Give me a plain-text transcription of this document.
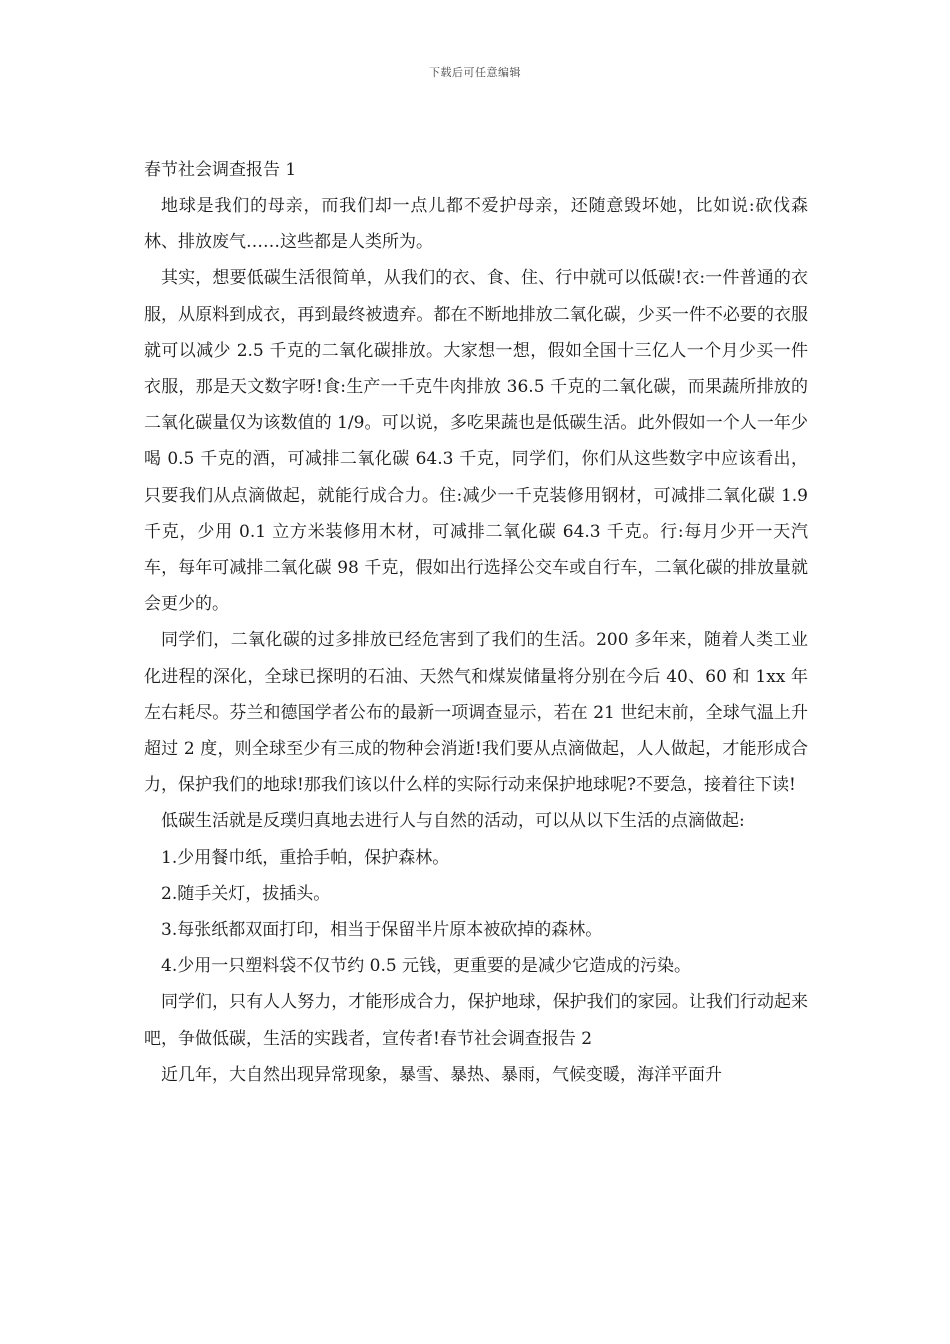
下载后可任意编辑
春节社会调查报告 1

地球是我们的母亲，而我们却一点儿都不爱护母亲，还随意毁坏她，比如说:砍伐森林、排放废气……这些都是人类所为。

其实，想要低碳生活很简单，从我们的衣、食、住、行中就可以低碳!衣:一件普通的衣服，从原料到成衣，再到最终被遗弃。都在不断地排放二氧化碳，少买一件不必要的衣服就可以减少 2.5 千克的二氧化碳排放。大家想一想，假如全国十三亿人一个月少买一件衣服，那是天文数字呀!食:生产一千克牛肉排放 36.5 千克的二氧化碳，而果蔬所排放的二氧化碳量仅为该数值的 1/9。可以说，多吃果蔬也是低碳生活。此外假如一个人一年少喝 0.5 千克的酒，可减排二氧化碳 64.3 千克，同学们，你们从这些数字中应该看出，只要我们从点滴做起，就能行成合力。住:减少一千克装修用钢材，可减排二氧化碳 1.9 千克，少用 0.1 立方米装修用木材，可减排二氧化碳 64.3 千克。行:每月少开一天汽车，每年可减排二氧化碳 98 千克，假如出行选择公交车或自行车，二氧化碳的排放量就会更少的。

同学们，二氧化碳的过多排放已经危害到了我们的生活。200 多年来，随着人类工业化进程的深化，全球已探明的石油、天然气和煤炭储量将分别在今后 40、60 和 1xx 年左右耗尽。芬兰和德国学者公布的最新一项调查显示，若在 21 世纪末前，全球气温上升超过 2 度，则全球至少有三成的物种会消逝!我们要从点滴做起，人人做起，才能形成合力，保护我们的地球!那我们该以什么样的实际行动来保护地球呢?不要急，接着往下读!

低碳生活就是反璞归真地去进行人与自然的活动，可以从以下生活的点滴做起:

1.少用餐巾纸，重拾手帕，保护森林。

2.随手关灯，拔插头。

3.每张纸都双面打印，相当于保留半片原本被砍掉的森林。

4.少用一只塑料袋不仅节约 0.5 元钱，更重要的是减少它造成的污染。

同学们，只有人人努力，才能形成合力，保护地球，保护我们的家园。让我们行动起来吧，争做低碳，生活的实践者，宣传者!春节社会调查报告 2

近几年，大自然出现异常现象，暴雪、暴热、暴雨，气候变暖，海洋平面升
